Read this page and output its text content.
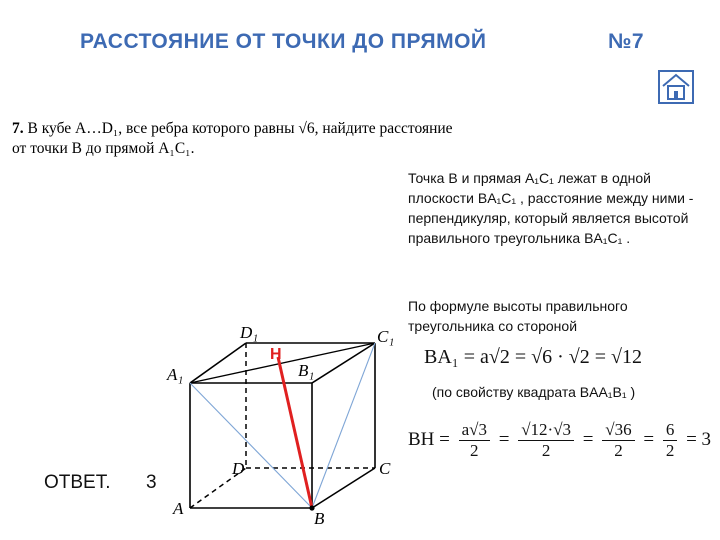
РАССТОЯНИЕ ОТ ТОЧКИ ДО ПРЯМОЙ	№7
7. В кубе A…D₁, все ребра которого равны √6, найдите расстояние
от точки B до прямой A₁C₁.
D₁	C₁
A₁	B₁
D	C
A
B
H
Точка B и прямая A₁C₁ лежат в одной плоскости BA₁C₁ , расстояние между ними - перпендикуляр, который является высотой правильного треугольника BA₁C₁ .
По формуле высоты правильного треугольника со стороной
BA₁ = a√2 = √6 · √2 = √12
(по свойству квадрата BAA₁B₁ )
BH = $\frac{a√3}{2} = \frac{√12\cdot√3}{2} = \frac{√36}{2} = \frac{6}{2} = 3$
ОТВЕТ. 3
